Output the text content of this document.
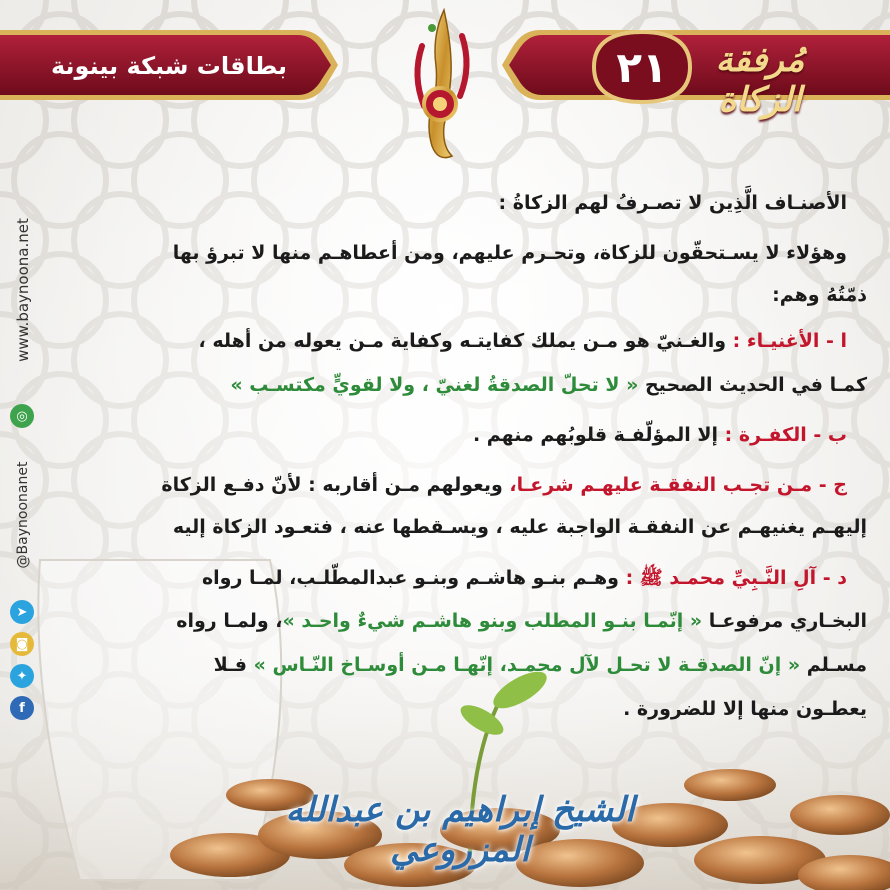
بطاقات شبكة بينونة	٢١	مُرفقة الزكاة
www.baynoona.net
◎
@Baynoonanet
➤
◙
✦
f
الأصنـاف الَّذِين لا تصـرفُ لهم الزكاةُ :
وهؤلاء لا يسـتحقّون للزكاة، وتحـرم عليهم، ومن أعطاهـم منها لا تبرؤ بها
ذمّتُهُ وهم:
ا - الأغنيـاء : والغـنيّ هو مـن يملك كفايتـه وكفاية مـن يعوله من أهله ،
كمـا في الحديث الصحيح « لا تحلّ الصدقةُ لغنيّ ، ولا لقويٍّ مكتسـب »
ب - الكفـرة : إلا المؤلّفـة قلوبُهم منهم .
ج - مـن تجـب النفقـة عليهـم شرعـا، ويعولهم مـن أقاربه : لأنّ دفـع الزكاة
إليهـم يغنيهـم عن النفقـة الواجبة عليه ، ويسـقطها عنه ، فتعـود الزكاة إليه
د - آلِ النَّـبِيِّ محمـد ﷺ : وهـم بنـو هاشـم وبنـو عبدالمطّلـب، لمـا رواه
البخـاري مرفوعـا « إنّمـا بنـو المطلب وبنو هاشـم شيءٌ واحـد »، ولمـا رواه
مسـلم « إنّ الصدقـة لا تحـل لآل محمـد، إنّهـا مـن أوسـاخ النّـاس » فـلا
يعطـون منها إلا للضرورة .
الشيخ إبراهيم بن عبدالله المزروعي
